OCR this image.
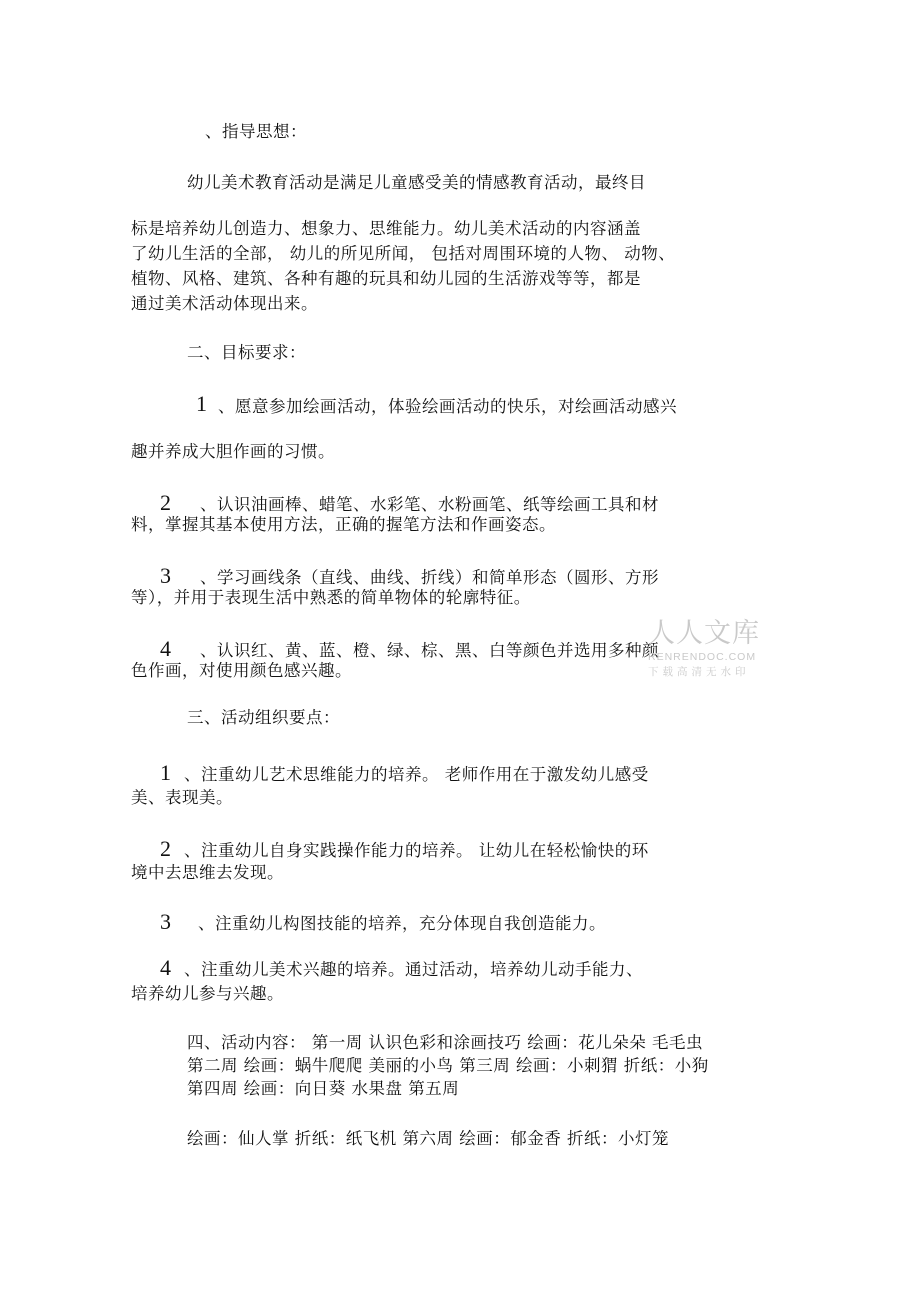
、指导思想：
幼儿美术教育活动是满足儿童感受美的情感教育活动，最终目
标是培养幼儿创造力、想象力、思维能力。幼儿美术活动的内容涵盖
了幼儿生活的全部， 幼儿的所见所闻， 包括对周围环境的人物、 动物、
植物、风格、建筑、各种有趣的玩具和幼儿园的生活游戏等等，都是
通过美术活动体现出来。
二、目标要求：
1 、愿意参加绘画活动，体验绘画活动的快乐，对绘画活动感兴
趣并养成大胆作画的习惯。
2 、认识油画棒、蜡笔、水彩笔、水粉画笔、纸等绘画工具和材
料，掌握其基本使用方法，正确的握笔方法和作画姿态。
3 、学习画线条（直线、曲线、折线）和简单形态（圆形、方形
等），并用于表现生活中熟悉的简单物体的轮廓特征。
4 、认识红、黄、蓝、橙、绿、棕、黑、白等颜色并选用多种颜
色作画，对使用颜色感兴趣。
三、活动组织要点：
1 、注重幼儿艺术思维能力的培养。 老师作用在于激发幼儿感受
美、表现美。
2 、注重幼儿自身实践操作能力的培养。 让幼儿在轻松愉快的环
境中去思维去发现。
3 、注重幼儿构图技能的培养，充分体现自我创造能力。
4 、注重幼儿美术兴趣的培养。通过活动，培养幼儿动手能力、
培养幼儿参与兴趣。
四、活动内容： 第一周 认识色彩和涂画技巧 绘画：花儿朵朵 毛毛虫
第二周 绘画：蜗牛爬爬 美丽的小鸟 第三周 绘画：小刺猬 折纸：小狗
第四周 绘画：向日葵 水果盘 第五周
绘画：仙人掌 折纸：纸飞机 第六周 绘画：郁金香 折纸：小灯笼
人人文库
RENRENDOC.COM
下载高清无水印
